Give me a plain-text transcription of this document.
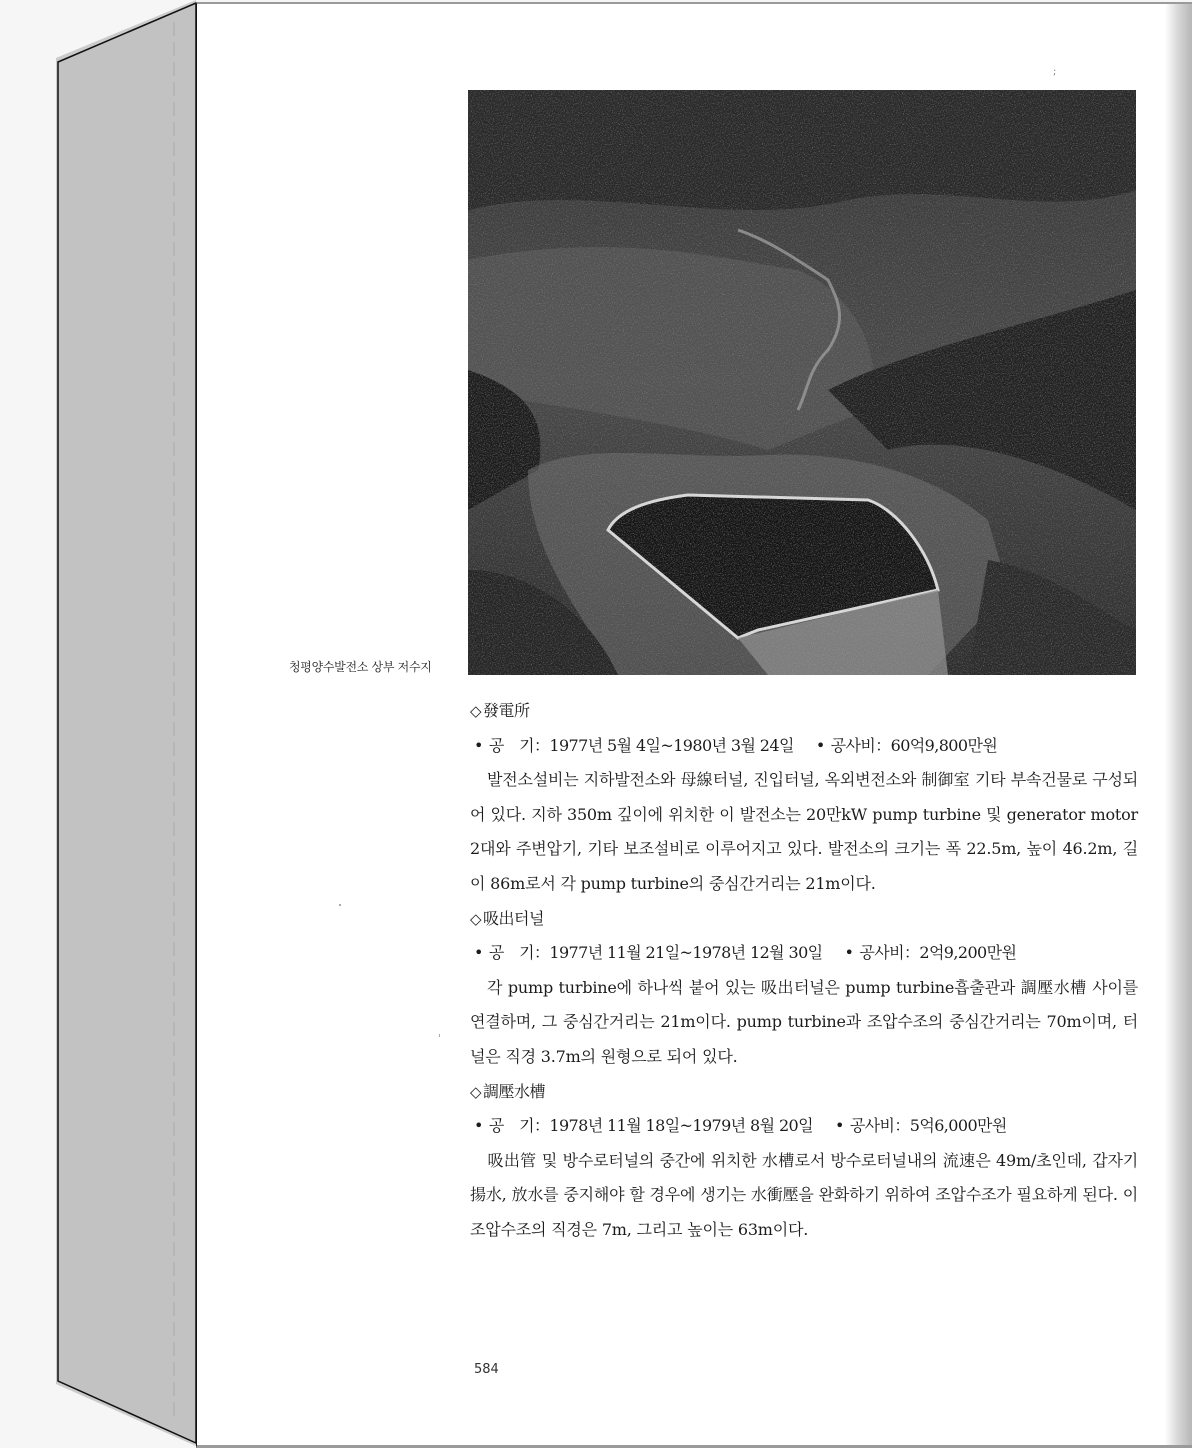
;
청평양수발전소 상부 저수지
◇ 發電所
• 공　기：1977년 5월 4일~1980년 3월 24일 • 공사비：60억9,800만원
발전소설비는 지하발전소와 母線터널, 진입터널, 옥외변전소와 制御室 기타 부속건물로 구성되어 있다. 지하 350m 깊이에 위치한 이 발전소는 20만kW pump turbine 및 generator motor 2대와 주변압기, 기타 보조설비로 이루어지고 있다. 발전소의 크기는 폭 22.5m, 높이 46.2m, 길이 86m로서 각 pump turbine의 중심간거리는 21m이다.
◇ 吸出터널
• 공　기：1977년 11월 21일~1978년 12월 30일 • 공사비：2억9,200만원
각 pump turbine에 하나씩 붙어 있는 吸出터널은 pump turbine흡출관과 調壓水槽 사이를 연결하며, 그 중심간거리는 21m이다. pump turbine과 조압수조의 중심간거리는 70m이며, 터널은 직경 3.7m의 원형으로 되어 있다.
◇ 調壓水槽
• 공　기：1978년 11월 18일~1979년 8월 20일 • 공사비：5억6,000만원
吸出管 및 방수로터널의 중간에 위치한 水槽로서 방수로터널내의 流速은 49m/초인데, 갑자기 揚水, 放水를 중지해야 할 경우에 생기는 水衝壓을 완화하기 위하여 조압수조가 필요하게 된다. 이 조압수조의 직경은 7m, 그리고 높이는 63m이다.
584
